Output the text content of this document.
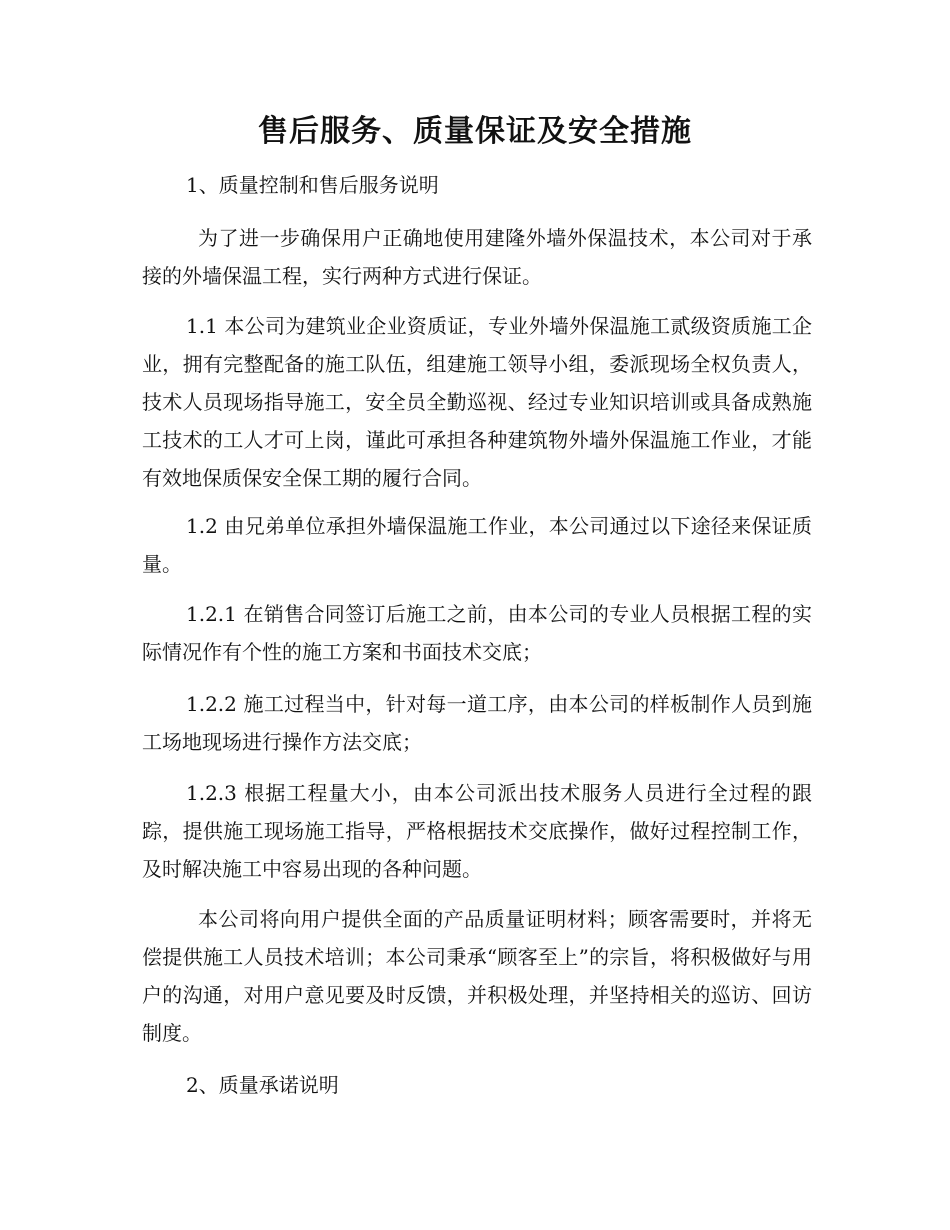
售后服务、质量保证及安全措施

1、质量控制和售后服务说明

为了进一步确保用户正确地使用建隆外墙外保温技术，本公司对于承接的外墙保温工程，实行两种方式进行保证。

1.1 本公司为建筑业企业资质证，专业外墙外保温施工贰级资质施工企业，拥有完整配备的施工队伍，组建施工领导小组，委派现场全权负责人，技术人员现场指导施工，安全员全勤巡视、经过专业知识培训或具备成熟施工技术的工人才可上岗，谨此可承担各种建筑物外墙外保温施工作业，才能有效地保质保安全保工期的履行合同。

1.2 由兄弟单位承担外墙保温施工作业，本公司通过以下途径来保证质量。

1.2.1 在销售合同签订后施工之前，由本公司的专业人员根据工程的实际情况作有个性的施工方案和书面技术交底；

1.2.2 施工过程当中，针对每一道工序，由本公司的样板制作人员到施工场地现场进行操作方法交底；

1.2.3 根据工程量大小，由本公司派出技术服务人员进行全过程的跟踪，提供施工现场施工指导，严格根据技术交底操作，做好过程控制工作，及时解决施工中容易出现的各种问题。

本公司将向用户提供全面的产品质量证明材料；顾客需要时，并将无偿提供施工人员技术培训；本公司秉承“顾客至上”的宗旨，将积极做好与用户的沟通，对用户意见要及时反馈，并积极处理，并坚持相关的巡访、回访制度。

2、质量承诺说明
